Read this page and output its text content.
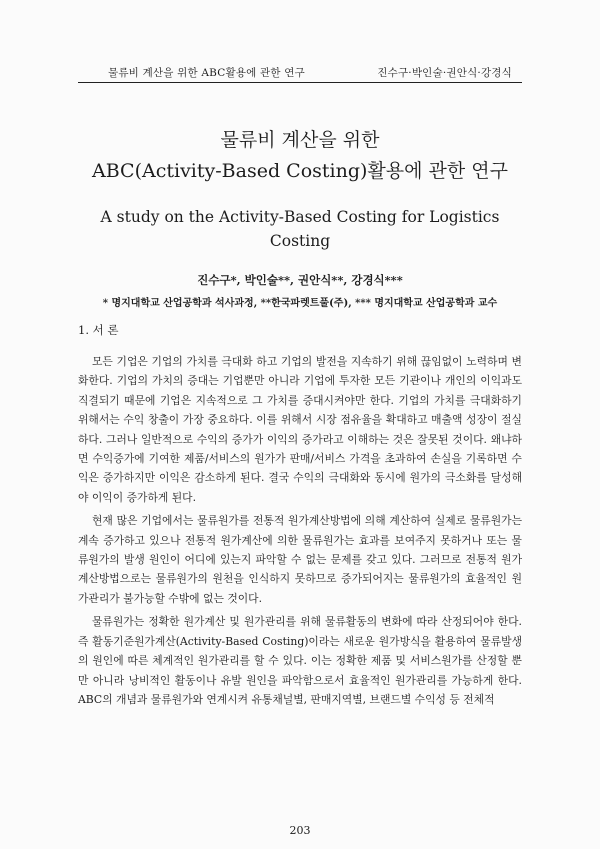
물류비 계산을 위한 ABC활용에 관한 연구	진수구·박인술·권안식·강경식
물류비 계산을 위한
ABC(Activity-Based Costing)활용에 관한 연구
A study on the Activity-Based Costing for Logistics Costing
진수구*, 박인술**, 권안식**, 강경식***
* 명지대학교 산업공학과 석사과정, **한국파렛트풀(주), *** 명지대학교 산업공학과 교수
1. 서 론

모든 기업은 기업의 가치를 극대화 하고 기업의 발전을 지속하기 위해 끊임없이 노력하며 변화한다. 기업의 가치의 증대는 기업뿐만 아니라 기업에 투자한 모든 기관이나 개인의 이익과도 직결되기 때문에 기업은 지속적으로 그 가치를 증대시켜야만 한다. 기업의 가치를 극대화하기 위해서는 수익 창출이 가장 중요하다. 이를 위해서 시장 점유율을 확대하고 매출액 성장이 절실하다. 그러나 일반적으로 수익의 증가가 이익의 증가라고 이해하는 것은 잘못된 것이다. 왜냐하면 수익증가에 기여한 제품/서비스의 원가가 판매/서비스 가격을 초과하여 손실을 기록하면 수익은 증가하지만 이익은 감소하게 된다. 결국 수익의 극대화와 동시에 원가의 극소화를 달성해야 이익이 증가하게 된다.

현재 많은 기업에서는 물류원가를 전통적 원가계산방법에 의해 계산하여 실제로 물류원가는 계속 증가하고 있으나 전통적 원가계산에 의한 물류원가는 효과를 보여주지 못하거나 또는 물류원가의 발생 원인이 어디에 있는지 파악할 수 없는 문제를 갖고 있다. 그러므로 전통적 원가계산방법으로는 물류원가의 원천을 인식하지 못하므로 증가되어지는 물류원가의 효율적인 원가관리가 불가능할 수밖에 없는 것이다.

물류원가는 정확한 원가계산 및 원가관리를 위해 물류활동의 변화에 따라 산정되어야 한다. 즉 활동기준원가계산(Activity-Based Costing)이라는 새로운 원가방식을 활용하여 물류발생의 원인에 따른 체계적인 원가관리를 할 수 있다. 이는 정확한 제품 및 서비스원가를 산정할 뿐만 아니라 낭비적인 활동이나 유발 원인을 파악함으로서 효율적인 원가관리를 가능하게 한다. ABC의 개념과 물류원가와 연계시켜 유통채널별, 판매지역별, 브랜드별 수익성 등 전체적

203
